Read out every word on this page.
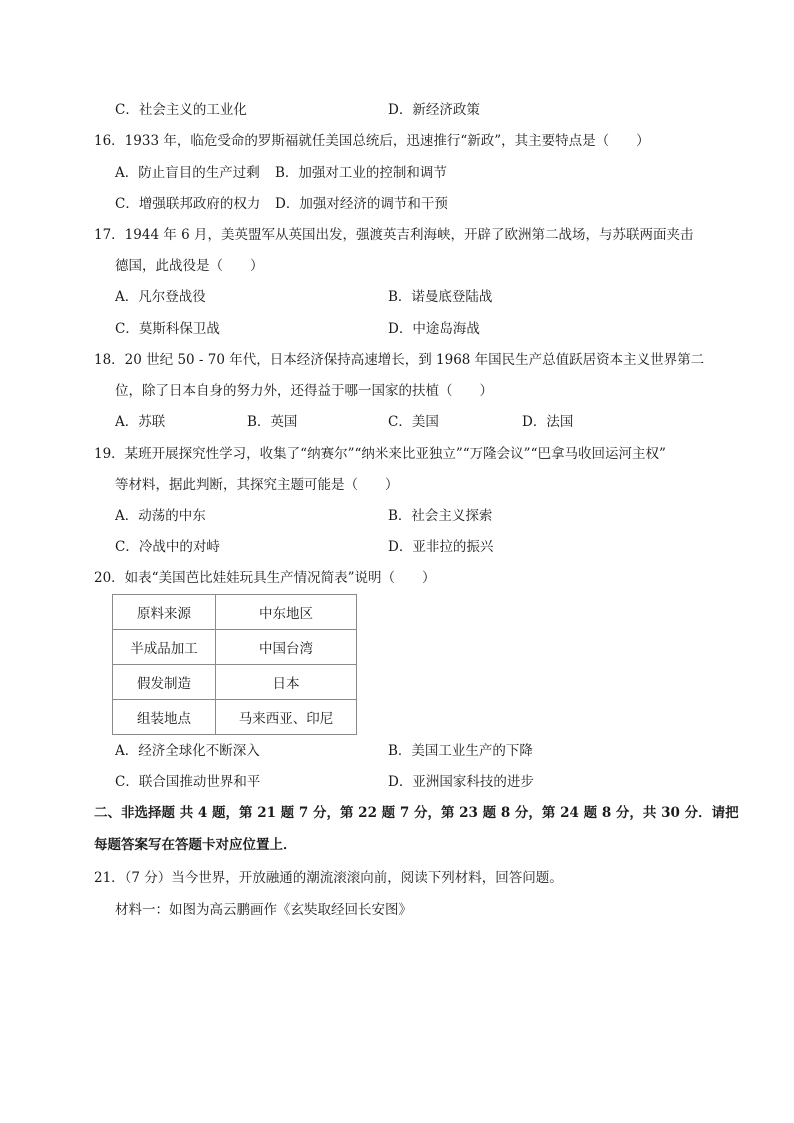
C．社会主义的工业化	D．新经济政策
16．1933 年，临危受命的罗斯福就任美国总统后，迅速推行“新政”，其主要特点是（　　）
A．防止盲目的生产过剩 B．加强对工业的控制和调节
C．增强联邦政府的权力 D．加强对经济的调节和干预
17．1944 年 6 月，美英盟军从英国出发，强渡英吉利海峡，开辟了欧洲第二战场，与苏联两面夹击
德国，此战役是（　　）
A．凡尔登战役	B．诺曼底登陆战
C．莫斯科保卫战	D．中途岛海战
18．20 世纪 50 - 70 年代，日本经济保持高速增长，到 1968 年国民生产总值跃居资本主义世界第二
位，除了日本自身的努力外，还得益于哪一国家的扶植（　　）
A．苏联	B．英国	C．美国	D．法国
19．某班开展探究性学习，收集了“纳赛尔”“纳米来比亚独立”“万隆会议”“巴拿马收回运河主权”
等材料，据此判断，其探究主题可能是（　　）
A．动荡的中东	B．社会主义探索
C．冷战中的对峙	D．亚非拉的振兴
20．如表“美国芭比娃娃玩具生产情况简表”说明（　　）
原料来源	中东地区
半成品加工	中国台湾
假发制造	日本
组装地点	马来西亚、印尼
A．经济全球化不断深入	B．美国工业生产的下降
C．联合国推动世界和平	D．亚洲国家科技的进步
二、非选择题 共 4 题，第 21 题 7 分，第 22 题 7 分，第 23 题 8 分，第 24 题 8 分，共 30 分．请把
每题答案写在答题卡对应位置上．
21．（7 分）当今世界，开放融通的潮流滚滚向前，阅读下列材料，回答问题。
材料一：如图为高云鹏画作《玄奘取经回长安图》
